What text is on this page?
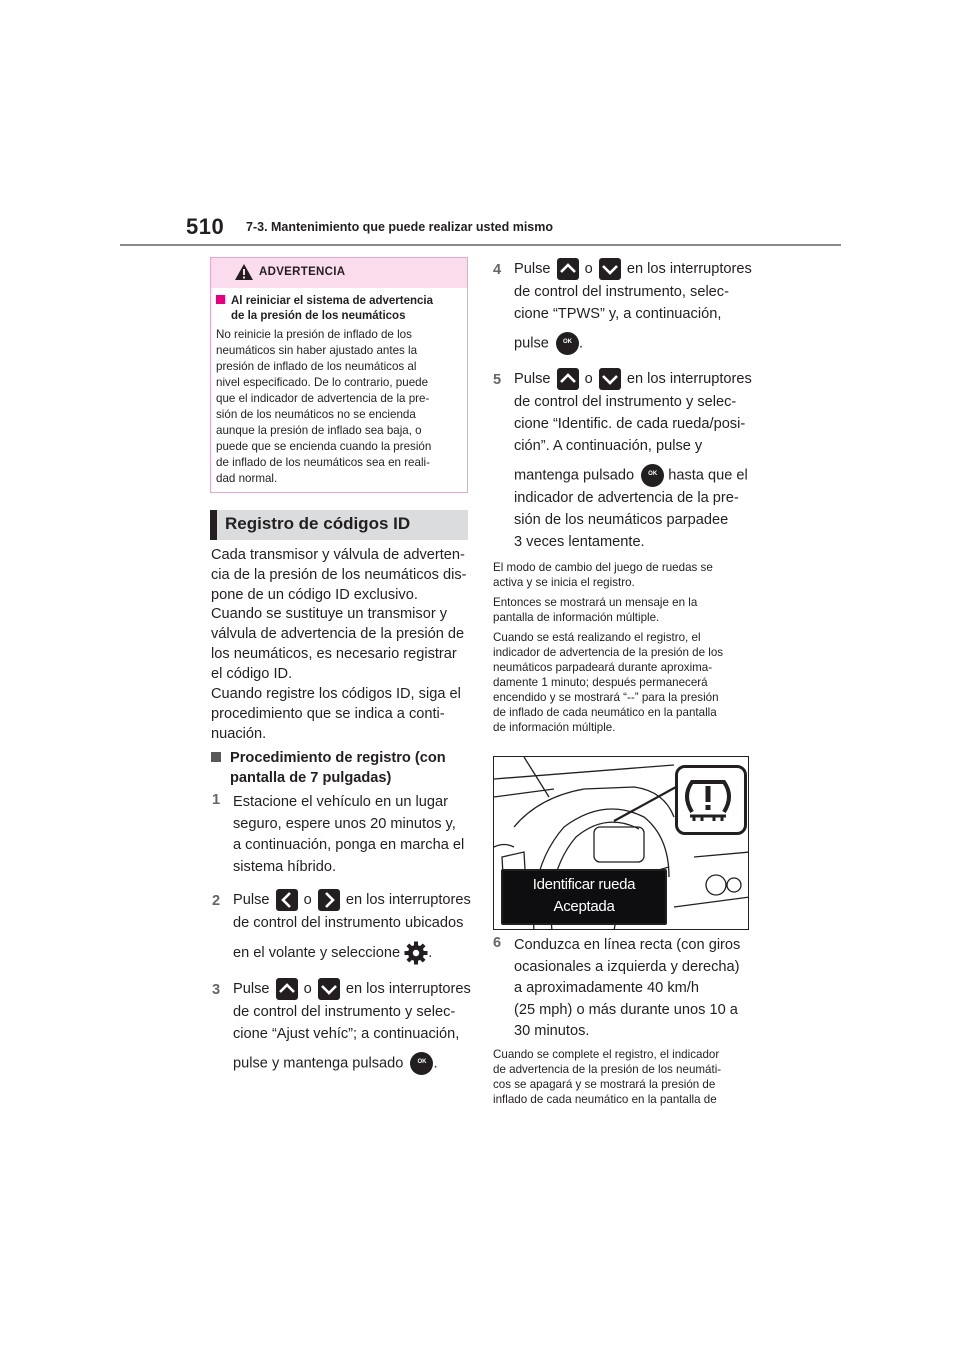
510 7-3. Mantenimiento que puede realizar usted mismo
ADVERTENCIA
Al reiniciar el sistema de advertencia
de la presión de los neumáticos
No reinicie la presión de inflado de los
neumáticos sin haber ajustado antes la
presión de inflado de los neumáticos al
nivel especificado. De lo contrario, puede
que el indicador de advertencia de la pre-
sión de los neumáticos no se encienda
aunque la presión de inflado sea baja, o
puede que se encienda cuando la presión
de inflado de los neumáticos sea en reali-
dad normal.
Registro de códigos ID
Cada transmisor y válvula de adverten-
cia de la presión de los neumáticos dis-
pone de un código ID exclusivo.
Cuando se sustituye un transmisor y
válvula de advertencia de la presión de
los neumáticos, es necesario registrar
el código ID.
Cuando registre los códigos ID, siga el
procedimiento que se indica a conti-
nuación.
Procedimiento de registro (con
pantalla de 7 pulgadas)
1 Estacione el vehículo en un lugar
seguro, espere unos 20 minutos y,
a continuación, ponga en marcha el
sistema híbrido.
2 Pulse o en los interruptores
de control del instrumento ubicados
en el volante y seleccione .
3 Pulse o en los interruptores
de control del instrumento y selec-
cione “Ajust vehíc”; a continuación,
pulse y mantenga pulsado	OK .
4 Pulse o en los interruptores
de control del instrumento, selec-
cione “TPWS” y, a continuación,
pulse	OK .
5 Pulse o en los interruptores
de control del instrumento y selec-
cione “Identific. de cada rueda/posi-
ción”. A continuación, pulse y
mantenga pulsado	OK hasta que el
indicador de advertencia de la pre-
sión de los neumáticos parpadee
3 veces lentamente.
El modo de cambio del juego de ruedas se
activa y se inicia el registro.
Entonces se mostrará un mensaje en la
pantalla de información múltiple.
Cuando se está realizando el registro, el
indicador de advertencia de la presión de los
neumáticos parpadeará durante aproxima-
damente 1 minuto; después permanecerá
encendido y se mostrará “--” para la presión
de inflado de cada neumático en la pantalla
de información múltiple.
Identificar rueda
Aceptada
6 Conduzca en línea recta (con giros
ocasionales a izquierda y derecha)
a aproximadamente 40 km/h
(25 mph) o más durante unos 10 a
30 minutos.
Cuando se complete el registro, el indicador
de advertencia de la presión de los neumáti-
cos se apagará y se mostrará la presión de
inflado de cada neumático en la pantalla de
